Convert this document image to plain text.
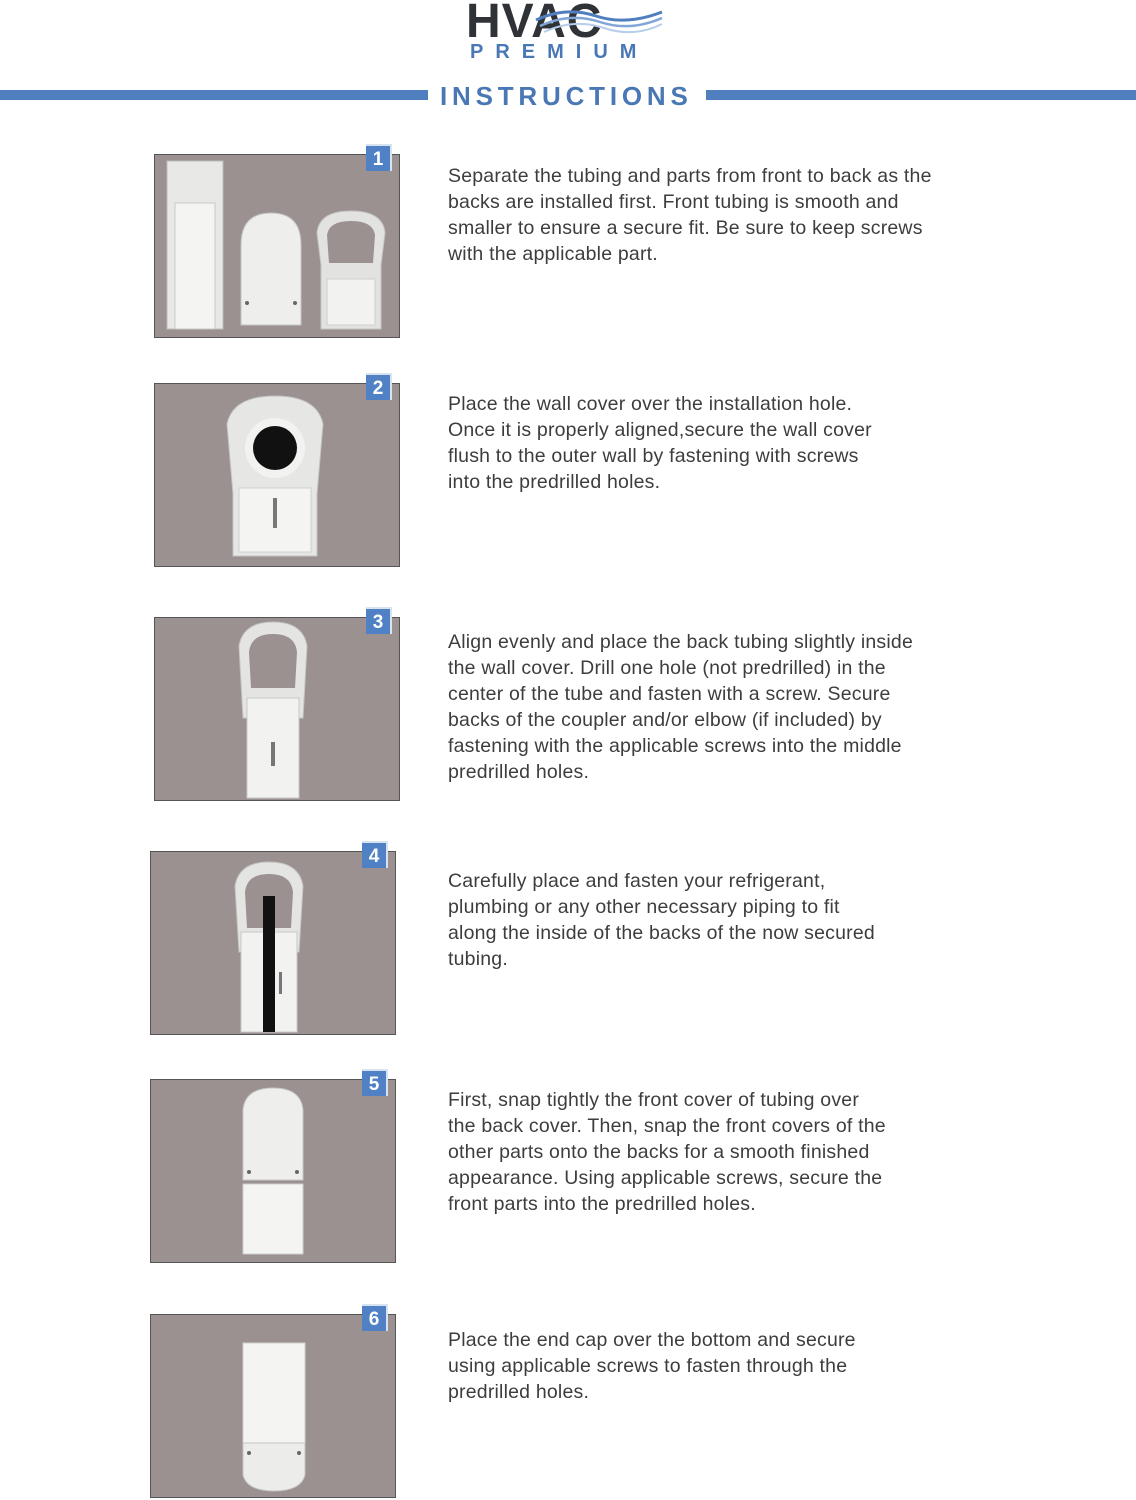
HVAC
PREMIUM
INSTRUCTIONS
1
Separate the tubing and parts from front to back as the
backs are installed first. Front tubing is smooth and
smaller to ensure a secure fit. Be sure to keep screws
with the applicable part.
2
Place the wall cover over the installation hole.
Once it is properly aligned,secure the wall cover
flush to the outer wall by fastening with screws
into the predrilled holes.
3
Align evenly and place the back tubing slightly inside
the wall cover. Drill one hole (not predrilled) in the
center of the tube and fasten with a screw. Secure
backs of the coupler and/or elbow (if included) by
fastening with the applicable screws into the middle
predrilled holes.
4
Carefully place and fasten your refrigerant,
plumbing or any other necessary piping to fit
along the inside of the backs of the now secured
tubing.
5
First, snap tightly the front cover of tubing over
the back cover. Then, snap the front covers of the
other parts onto the backs for a smooth finished
appearance. Using applicable screws, secure the
front parts into the predrilled holes.
6
Place the end cap over the bottom and secure
using applicable screws to fasten through the
predrilled holes.
